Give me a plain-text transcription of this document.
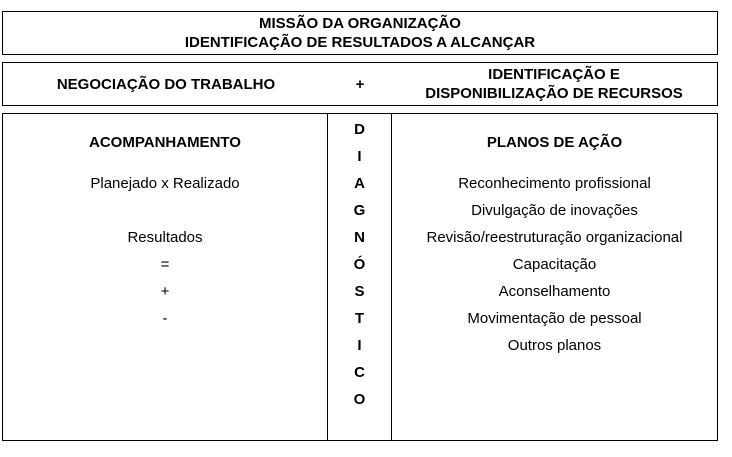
MISSÃO DA ORGANIZAÇÃO
IDENTIFICAÇÃO DE RESULTADOS A ALCANÇAR
NEGOCIAÇÃO DO TRABALHO	+
IDENTIFICAÇÃO E
DISPONIBILIZAÇÃO DE RECURSOS
ACOMPANHAMENTO
Planejado x Realizado
Resultados
=
+
-
D
I
A
G
N
Ó
S
T
I
C
O
PLANOS DE AÇÃO
Reconhecimento profissional
Divulgação de inovações
Revisão/reestruturação organizacional
Capacitação
Aconselhamento
Movimentação de pessoal
Outros planos
